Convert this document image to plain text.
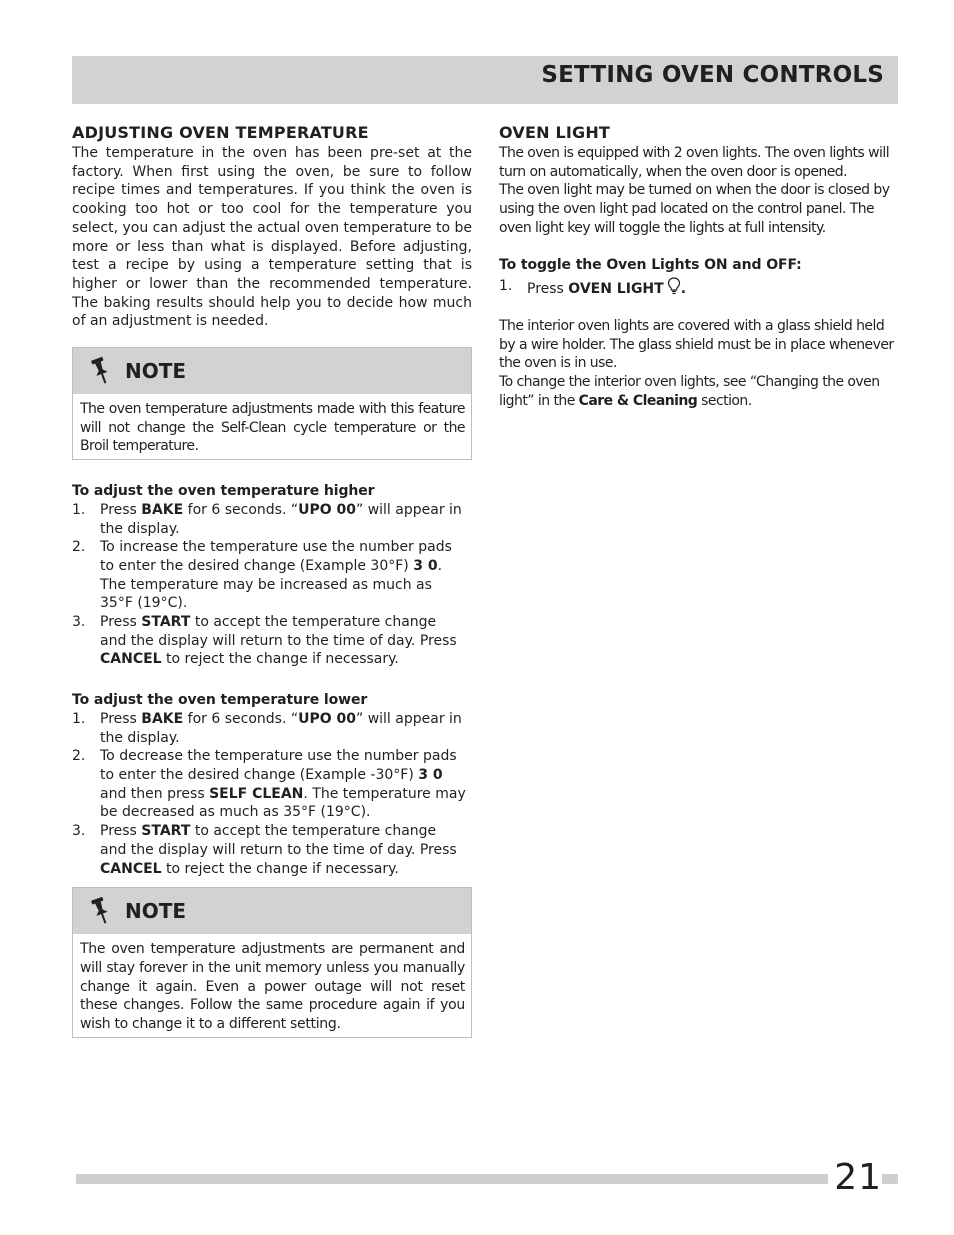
SETTING OVEN CONTROLS
ADJUSTING OVEN TEMPERATURE

The temperature in the oven has been pre-set at the factory. When first using the oven, be sure to follow recipe times and temperatures. If you think the oven is cooking too hot or too cool for the temperature you select, you can adjust the actual oven temperature to be more or less than what is displayed. Before adjusting, test a recipe by using a temperature setting that is higher or lower than the recommended temperature. The baking results should help you to decide how much of an adjustment is needed.

NOTE

The oven temperature adjustments made with this feature will not change the Self-Clean cycle temperature or the Broil temperature.

To adjust the oven temperature higher
1.	Press BAKE for 6 seconds. “UPO 00” will appear in the display.
2.	To increase the temperature use the number pads to enter the desired change (Example 30°F) 3 0. The temperature may be increased as much as 35°F (19°C).
3.	Press START to accept the temperature change and the display will return to the time of day. Press CANCEL to reject the change if necessary.
To adjust the oven temperature lower
1.	Press BAKE for 6 seconds. “UPO 00” will appear in the display.
2.	To decrease the temperature use the number pads to enter the desired change (Example -30°F) 3 0 and then press SELF CLEAN. The temperature may be decreased as much as 35°F (19°C).
3.	Press START to accept the temperature change and the display will return to the time of day. Press CANCEL to reject the change if necessary.
NOTE

The oven temperature adjustments are permanent and will stay forever in the unit memory unless you manually change it again. Even a power outage will not reset these changes. Follow the same procedure again if you wish to change it to a different setting.

OVEN LIGHT

The oven is equipped with 2 oven lights. The oven lights will turn on automatically, when the oven door is opened.

The oven light may be turned on when the door is closed by using the oven light pad located on the control panel. The oven light key will toggle the lights at full intensity.

To toggle the Oven Lights ON and OFF:
1.	Press OVEN LIGHT .

The interior oven lights are covered with a glass shield held by a wire holder. The glass shield must be in place whenever the oven is in use.

To change the interior oven lights, see “Changing the oven light” in the Care & Cleaning section.

21
